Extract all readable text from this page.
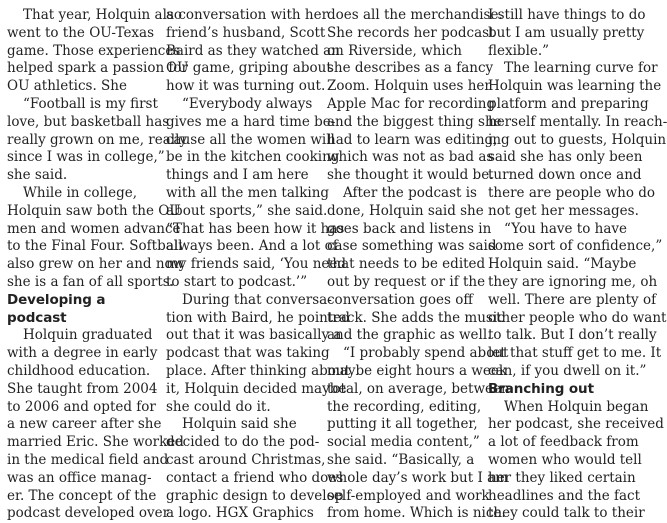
That year, Holquin also
went to the OU-Texas
game. Those experiences
helped spark a passion for
OU athletics. She

“Football is my first
love, but basketball has
really grown on me, really
since I was in college,”
she said.

While in college,
Holquin saw both the OU
men and women advance
to the Final Four. Softball
also grew on her and now
she is a fan of all sports.

Developing a
podcast

Holquin graduated
with a degree in early
childhood education.
She taught from 2004
to 2006 and opted for
a new career after she
married Eric. She worked
in the medical field and
was an office manag-
er. The concept of the
podcast developed over

a conversation with her
friend’s husband, Scott
Baird as they watched an
OU game, griping about
how it was turning out.

“Everybody always
gives me a hard time be-
cause all the women will
be in the kitchen cooking
things and I am here
with all the men talking
about sports,” she said.
“That has been how it has
always been. And a lot of
my friends said, ‘You need
to start to podcast.’”

During that conversa-
tion with Baird, he pointed
out that it was basically a
podcast that was taking
place. After thinking about
it, Holquin decided maybe
she could do it.

Holquin said she
decided to do the pod-
cast around Christmas,
contact a friend who does
graphic design to develop
a logo. HGX Graphics

does all the merchandise.
She records her podcast
on Riverside, which
she describes as a fancy
Zoom. Holquin uses her
Apple Mac for recording
and the biggest thing she
had to learn was editing,
which was not as bad as
she thought it would be.

After the podcast is
done, Holquin said she
goes back and listens in
case something was said
that needs to be edited
out by request or if the
conversation goes off
track. She adds the music
and the graphic as well.

“I probably spend about
maybe eight hours a week
total, on average, between
the recording, editing,
putting it all together,
social media content,”
she said. “Basically, a
whole day’s work but I am
self-employed and work
from home. Which is nice.

I still have things to do
but I am usually pretty
flexible.”

The learning curve for
Holquin was learning the
platform and preparing
herself mentally. In reach-
ing out to guests, Holquin
said she has only been
turned down once and
there are people who do
not get her messages.

“You have to have
some sort of confidence,”
Holquin said. “Maybe
they are ignoring me, oh
well. There are plenty of
other people who do want
to talk. But I don’t really
let that stuff get to me. It
can, if you dwell on it.”

Branching out

When Holquin began
her podcast, she received
a lot of feedback from
women who would tell
her they liked certain
headlines and the fact
they could talk to their
